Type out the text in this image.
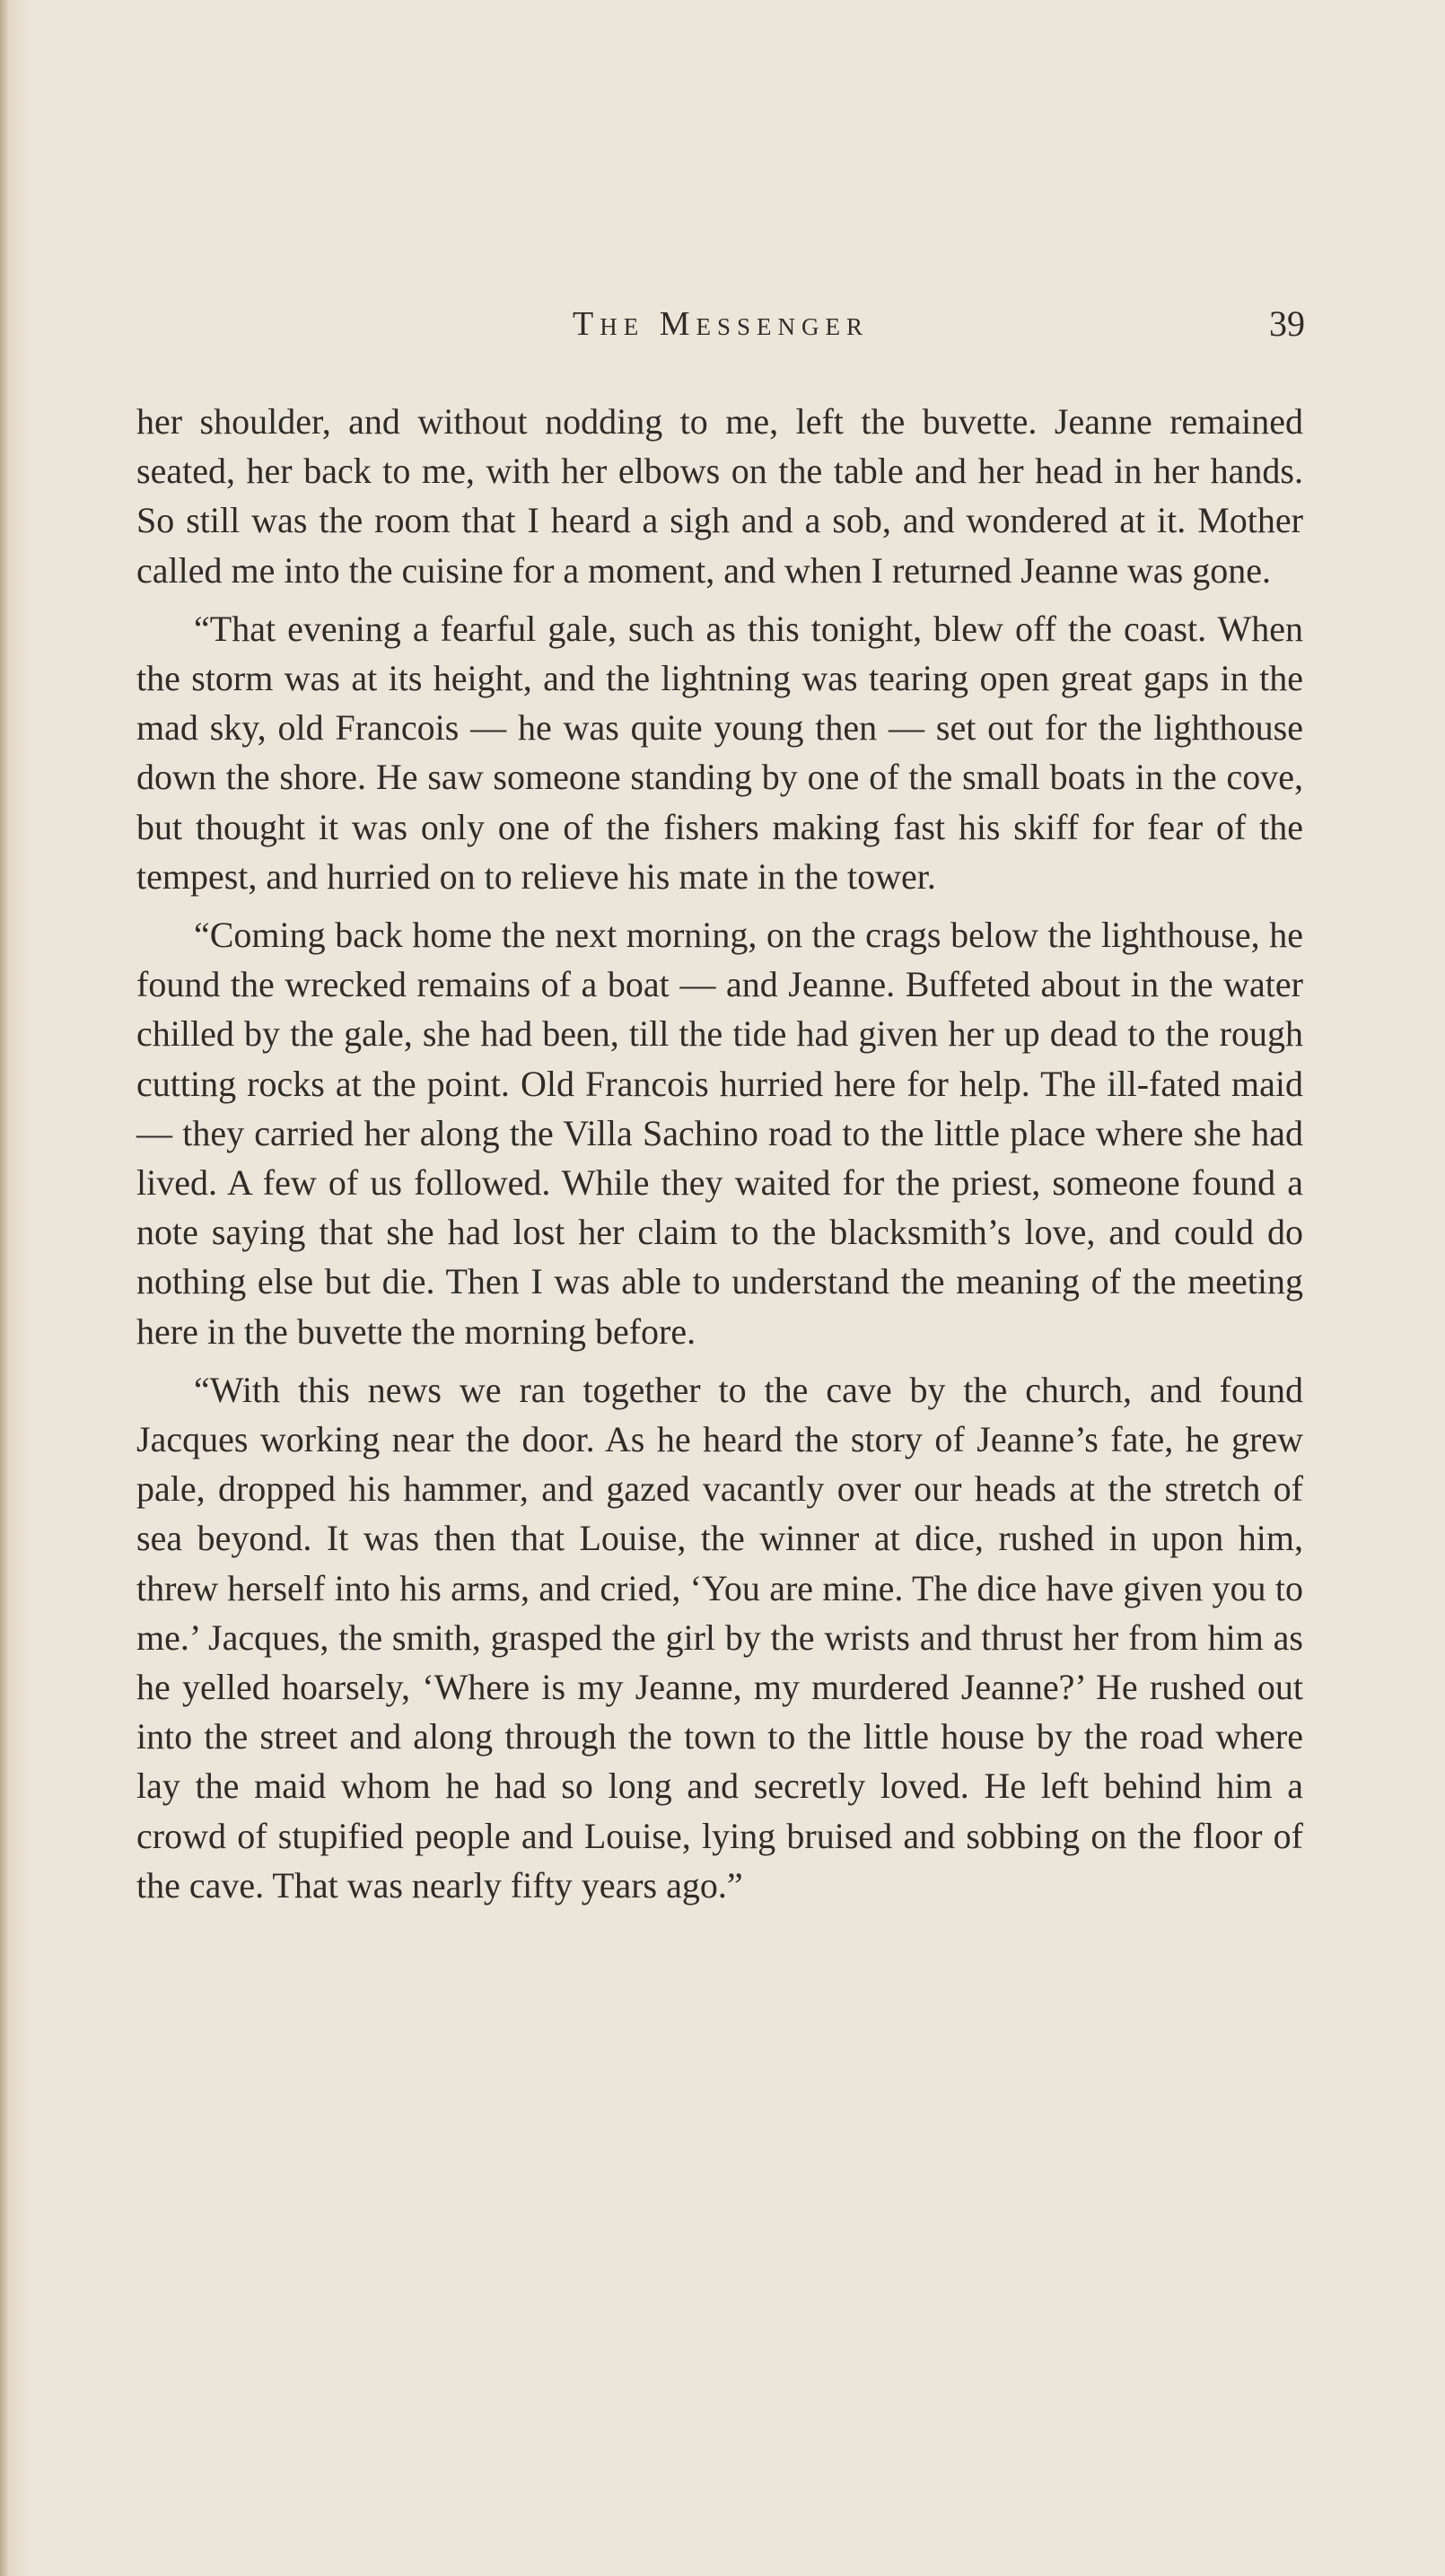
The Messenger	39

her shoulder, and without nodding to me, left the buvette. Jeanne remained seated, her back to me, with her elbows on the table and her head in her hands. So still was the room that I heard a sigh and a sob, and wondered at it. Mother called me into the cuisine for a moment, and when I returned Jeanne was gone.

“That evening a fearful gale, such as this tonight, blew off the coast. When the storm was at its height, and the lightning was tearing open great gaps in the mad sky, old Francois — he was quite young then — set out for the lighthouse down the shore. He saw someone standing by one of the small boats in the cove, but thought it was only one of the fishers making fast his skiff for fear of the tempest, and hurried on to relieve his mate in the tower.

“Coming back home the next morning, on the crags below the lighthouse, he found the wrecked remains of a boat — and Jeanne. Buffeted about in the water chilled by the gale, she had been, till the tide had given her up dead to the rough cutting rocks at the point. Old Francois hurried here for help. The ill-fated maid — they carried her along the Villa Sachino road to the little place where she had lived. A few of us followed. While they waited for the priest, someone found a note saying that she had lost her claim to the blacksmith’s love, and could do nothing else but die. Then I was able to understand the meaning of the meeting here in the buvette the morning before.

“With this news we ran together to the cave by the church, and found Jacques working near the door. As he heard the story of Jeanne’s fate, he grew pale, dropped his hammer, and gazed vacantly over our heads at the stretch of sea beyond. It was then that Louise, the winner at dice, rushed in upon him, threw herself into his arms, and cried, ‘You are mine. The dice have given you to me.’ Jacques, the smith, grasped the girl by the wrists and thrust her from him as he yelled hoarsely, ‘Where is my Jeanne, my murdered Jeanne?’ He rushed out into the street and along through the town to the little house by the road where lay the maid whom he had so long and secretly loved. He left behind him a crowd of stupified people and Louise, lying bruised and sobbing on the floor of the cave. That was nearly fifty years ago.”
